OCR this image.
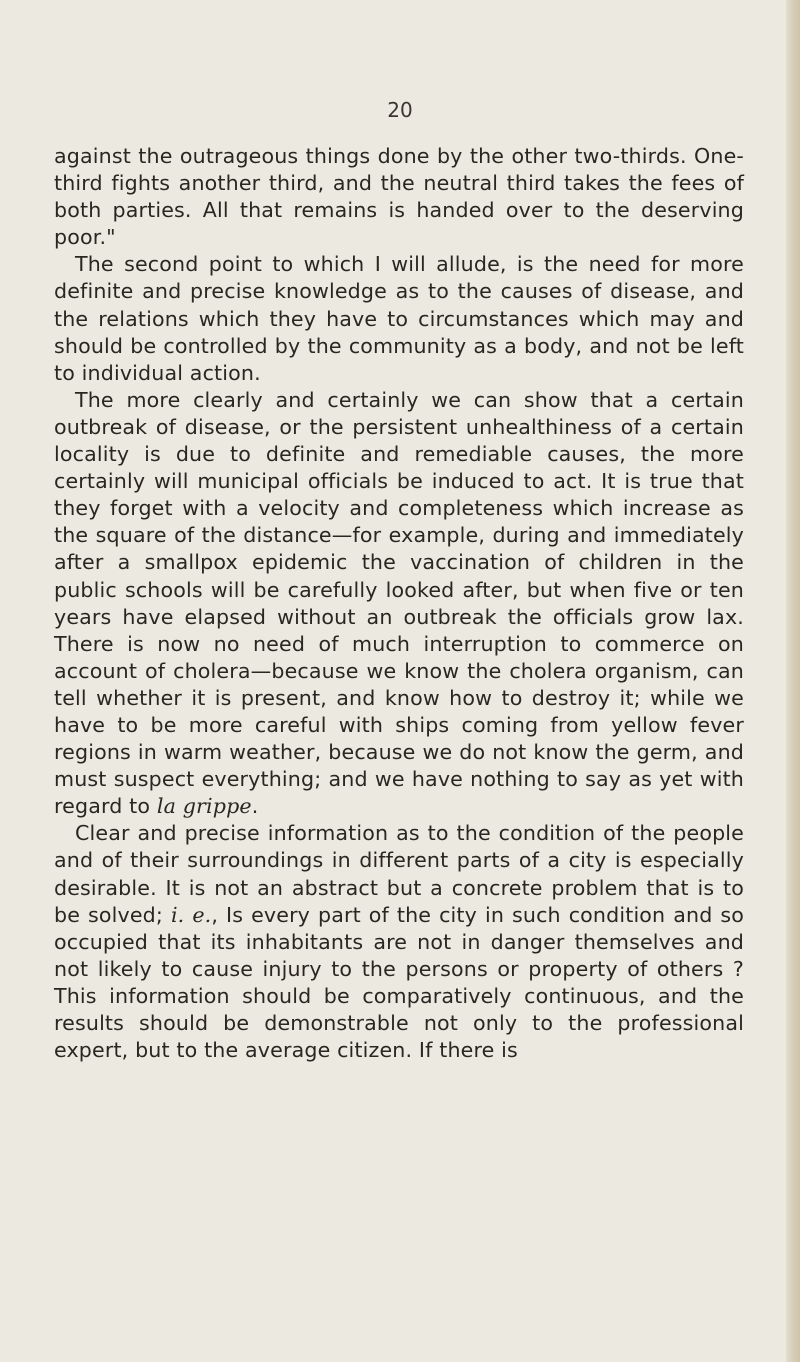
20

against the outrageous things done by the other two-thirds. One-third fights another third, and the neutral third takes the fees of both parties. All that remains is handed over to the deserving poor."

The second point to which I will allude, is the need for more definite and precise knowledge as to the causes of disease, and the relations which they have to circumstances which may and should be controlled by the community as a body, and not be left to individual action.

The more clearly and certainly we can show that a certain outbreak of disease, or the persistent unhealthiness of a certain locality is due to definite and remediable causes, the more certainly will municipal officials be induced to act. It is true that they forget with a velocity and completeness which increase as the square of the distance—for example, during and immediately after a smallpox epidemic the vaccination of children in the public schools will be carefully looked after, but when five or ten years have elapsed without an outbreak the officials grow lax. There is now no need of much interruption to commerce on account of cholera—because we know the cholera organism, can tell whether it is present, and know how to destroy it; while we have to be more careful with ships coming from yellow fever regions in warm weather, because we do not know the germ, and must suspect everything; and we have nothing to say as yet with regard to la grippe.

Clear and precise information as to the condition of the people and of their surroundings in different parts of a city is especially desirable. It is not an abstract but a concrete problem that is to be solved; i. e., Is every part of the city in such condition and so occupied that its inhabitants are not in danger themselves and not likely to cause injury to the persons or property of others ? This information should be comparatively continuous, and the results should be demonstrable not only to the professional expert, but to the average citizen. If there is
